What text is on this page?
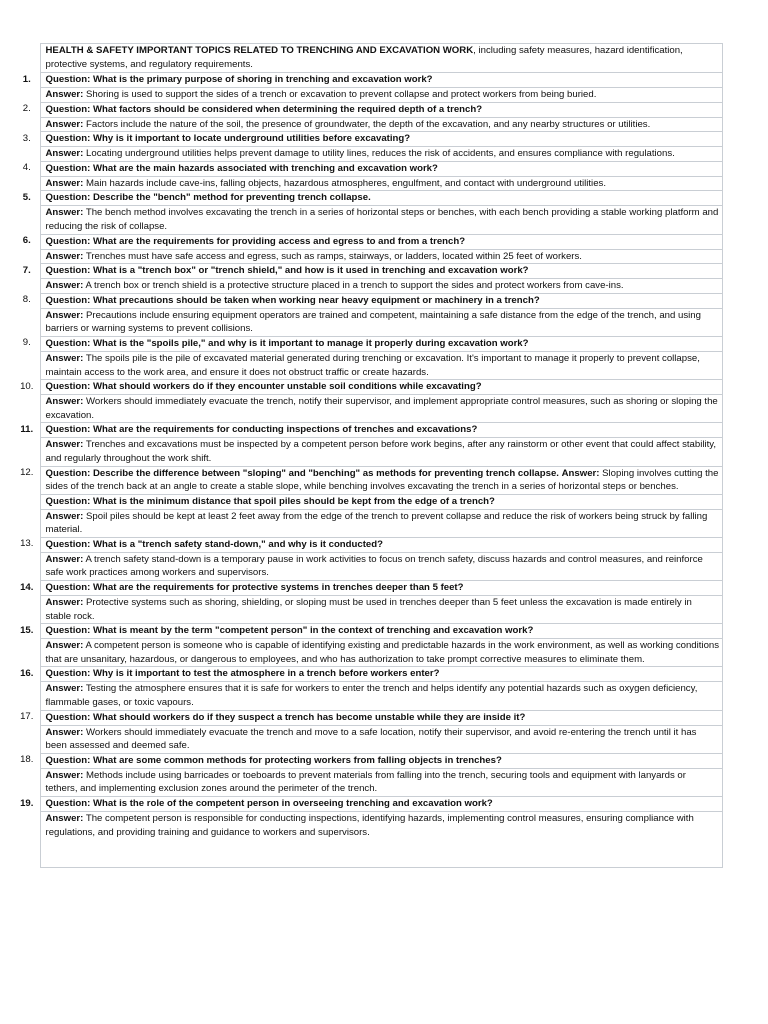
	HEALTH & SAFETY IMPORTANT TOPICS RELATED TO TRENCHING AND EXCAVATION WORK, including safety measures, hazard identification, protective systems, and regulatory requirements.
1.	Question: What is the primary purpose of shoring in trenching and excavation work?
	Answer: Shoring is used to support the sides of a trench or excavation to prevent collapse and protect workers from being buried.
2.	Question: What factors should be considered when determining the required depth of a trench?
	Answer: Factors include the nature of the soil, the presence of groundwater, the depth of the excavation, and any nearby structures or utilities.
3.	Question: Why is it important to locate underground utilities before excavating?
	Answer: Locating underground utilities helps prevent damage to utility lines, reduces the risk of accidents, and ensures compliance with regulations.
4.	Question: What are the main hazards associated with trenching and excavation work?
	Answer: Main hazards include cave-ins, falling objects, hazardous atmospheres, engulfment, and contact with underground utilities.
5.	Question: Describe the "bench" method for preventing trench collapse.
	Answer: The bench method involves excavating the trench in a series of horizontal steps or benches, with each bench providing a stable working platform and reducing the risk of collapse.
6.	Question: What are the requirements for providing access and egress to and from a trench?
	Answer: Trenches must have safe access and egress, such as ramps, stairways, or ladders, located within 25 feet of workers.
7.	Question: What is a "trench box" or "trench shield," and how is it used in trenching and excavation work?
	Answer: A trench box or trench shield is a protective structure placed in a trench to support the sides and protect workers from cave-ins.
8.	Question: What precautions should be taken when working near heavy equipment or machinery in a trench?
	Answer: Precautions include ensuring equipment operators are trained and competent, maintaining a safe distance from the edge of the trench, and using barriers or warning systems to prevent collisions.
9.	Question: What is the "spoils pile," and why is it important to manage it properly during excavation work?
	Answer: The spoils pile is the pile of excavated material generated during trenching or excavation. It's important to manage it properly to prevent collapse, maintain access to the work area, and ensure it does not obstruct traffic or create hazards.
10.	Question: What should workers do if they encounter unstable soil conditions while excavating?
	Answer: Workers should immediately evacuate the trench, notify their supervisor, and implement appropriate control measures, such as shoring or sloping the excavation.
11.	Question: What are the requirements for conducting inspections of trenches and excavations?
	Answer: Trenches and excavations must be inspected by a competent person before work begins, after any rainstorm or other event that could affect stability, and regularly throughout the work shift.
12.	Question: Describe the difference between "sloping" and "benching" as methods for preventing trench collapse. Answer: Sloping involves cutting the sides of the trench back at an angle to create a stable slope, while benching involves excavating the trench in a series of horizontal steps or benches.
	Question: What is the minimum distance that spoil piles should be kept from the edge of a trench?
	Answer: Spoil piles should be kept at least 2 feet away from the edge of the trench to prevent collapse and reduce the risk of workers being struck by falling material.
13.	Question: What is a "trench safety stand-down," and why is it conducted?
	Answer: A trench safety stand-down is a temporary pause in work activities to focus on trench safety, discuss hazards and control measures, and reinforce safe work practices among workers and supervisors.
14.	Question: What are the requirements for protective systems in trenches deeper than 5 feet?
	Answer: Protective systems such as shoring, shielding, or sloping must be used in trenches deeper than 5 feet unless the excavation is made entirely in stable rock.
15.	Question: What is meant by the term "competent person" in the context of trenching and excavation work?
	Answer: A competent person is someone who is capable of identifying existing and predictable hazards in the work environment, as well as working conditions that are unsanitary, hazardous, or dangerous to employees, and who has authorization to take prompt corrective measures to eliminate them.
16.	Question: Why is it important to test the atmosphere in a trench before workers enter?
	Answer: Testing the atmosphere ensures that it is safe for workers to enter the trench and helps identify any potential hazards such as oxygen deficiency, flammable gases, or toxic vapours.
17.	Question: What should workers do if they suspect a trench has become unstable while they are inside it?
	Answer: Workers should immediately evacuate the trench and move to a safe location, notify their supervisor, and avoid re-entering the trench until it has been assessed and deemed safe.
18.	Question: What are some common methods for protecting workers from falling objects in trenches?
	Answer: Methods include using barricades or toeboards to prevent materials from falling into the trench, securing tools and equipment with lanyards or tethers, and implementing exclusion zones around the perimeter of the trench.
19.	Question: What is the role of the competent person in overseeing trenching and excavation work?
	Answer: The competent person is responsible for conducting inspections, identifying hazards, implementing control measures, ensuring compliance with regulations, and providing training and guidance to workers and supervisors.
